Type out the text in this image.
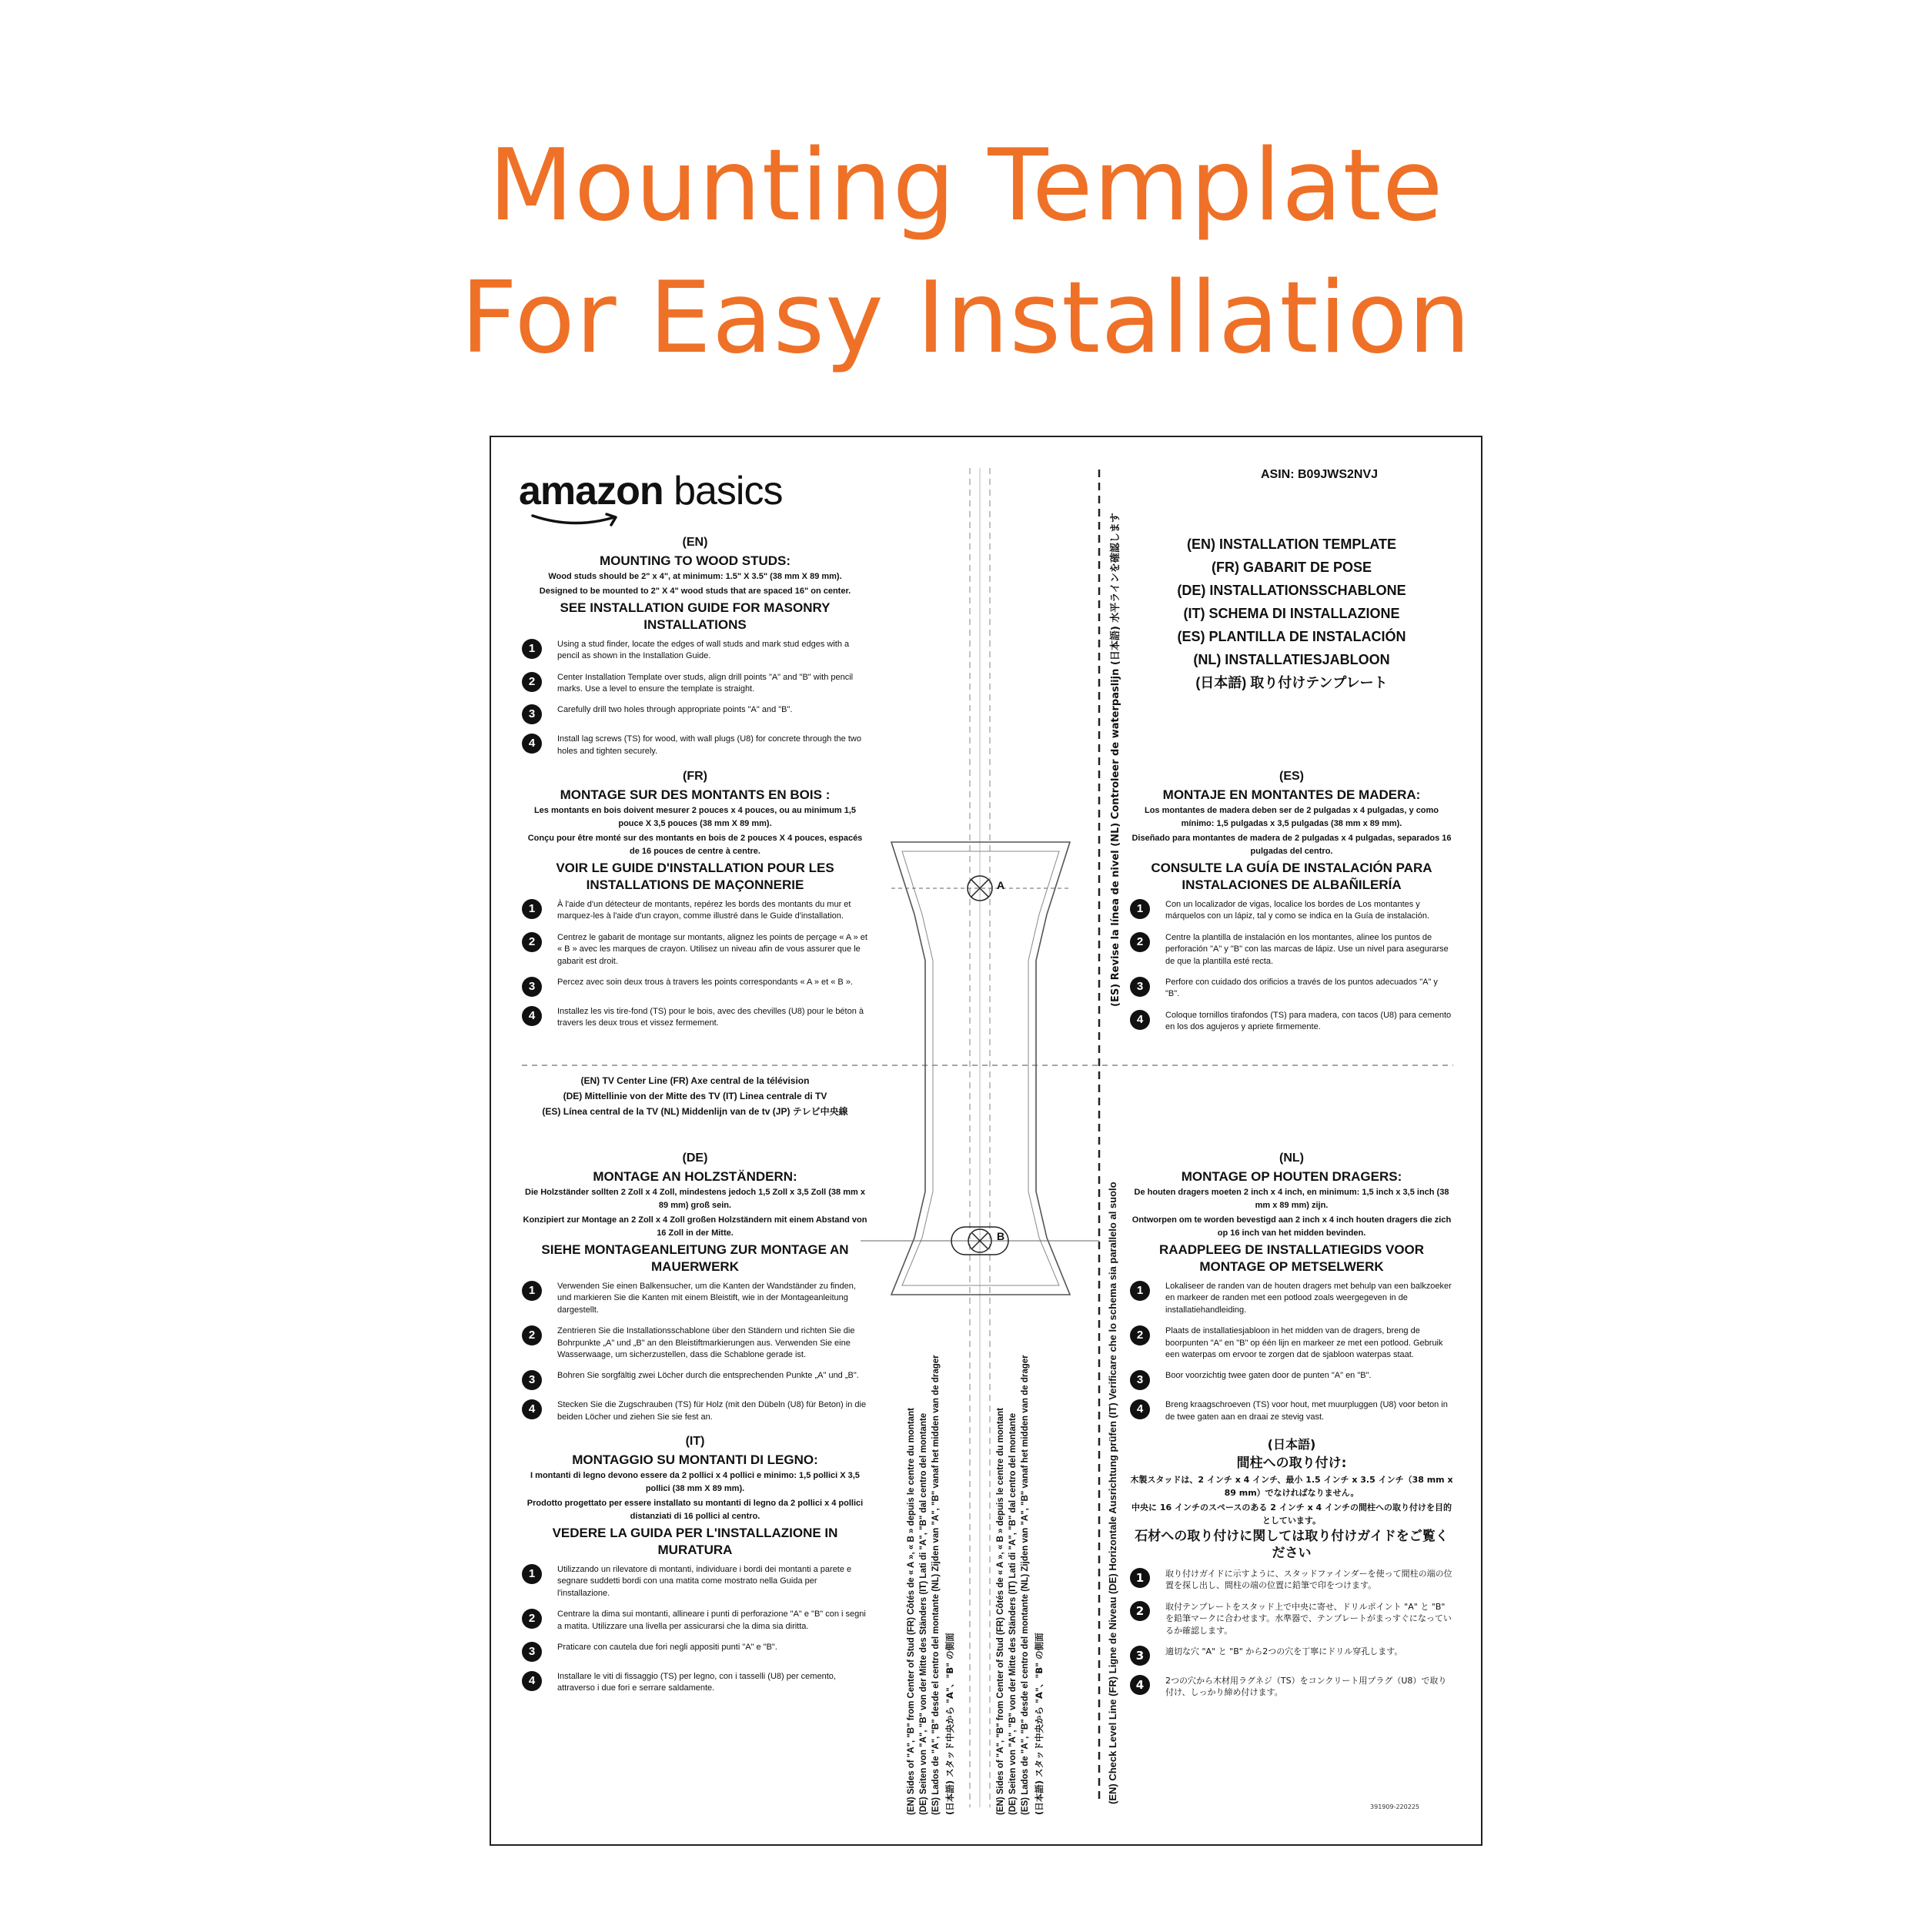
Mounting Template
For Easy Installation
A
B
amazon basics	ASIN: B09JWS2NVJ
(EN) INSTALLATION TEMPLATE
(FR) GABARIT DE POSE
(DE) INSTALLATIONSSCHABLONE
(IT) SCHEMA DI INSTALLAZIONE
(ES) PLANTILLA DE INSTALACIÓN
(NL) INSTALLATIESJABLOON
(日本語) 取り付けテンプレート
(EN)
MOUNTING TO WOOD STUDS:
Wood studs should be 2" x 4", at minimum: 1.5" X 3.5" (38 mm X 89 mm).
Designed to be mounted to 2" X 4" wood studs that are spaced 16" on center.
SEE INSTALLATION GUIDE FOR MASONRY INSTALLATIONS
1	Using a stud finder, locate the edges of wall studs and mark stud edges with a pencil as shown in the Installation Guide.
2	Center Installation Template over studs, align drill points "A" and "B" with pencil marks. Use a level to ensure the template is straight.
3	Carefully drill two holes through appropriate points "A" and "B".
4	Install lag screws (TS) for wood, with wall plugs (U8) for concrete through the two holes and tighten securely.
(FR)
MONTAGE SUR DES MONTANTS EN BOIS :
Les montants en bois doivent mesurer 2 pouces x 4 pouces, ou au minimum 1,5 pouce X 3,5 pouces (38 mm X 89 mm).
Conçu pour être monté sur des montants en bois de 2 pouces X 4 pouces, espacés de 16 pouces de centre à centre.
VOIR LE GUIDE D'INSTALLATION POUR LES INSTALLATIONS DE MAÇONNERIE
1	À l'aide d'un détecteur de montants, repérez les bords des montants du mur et marquez-les à l'aide d'un crayon, comme illustré dans le Guide d'installation.
2	Centrez le gabarit de montage sur montants, alignez les points de perçage « A » et « B » avec les marques de crayon. Utilisez un niveau afin de vous assurer que le gabarit est droit.
3	Percez avec soin deux trous à travers les points correspondants « A » et « B ».
4	Installez les vis tire-fond (TS) pour le bois, avec des chevilles (U8) pour le béton à travers les deux trous et vissez fermement.
(ES)
MONTAJE EN MONTANTES DE MADERA:
Los montantes de madera deben ser de 2 pulgadas x 4 pulgadas, y como mínimo: 1,5 pulgadas x 3,5 pulgadas (38 mm x 89 mm).
Diseñado para montantes de madera de 2 pulgadas x 4 pulgadas, separados 16 pulgadas del centro.
CONSULTE LA GUÍA DE INSTALACIÓN PARA INSTALACIONES DE ALBAÑILERÍA
1	Con un localizador de vigas, localice los bordes de Los montantes y márquelos con un lápiz, tal y como se indica en la Guía de instalación.
2	Centre la plantilla de instalación en los montantes, alinee los puntos de perforación "A" y "B" con las marcas de lápiz. Use un nivel para asegurarse de que la plantilla esté recta.
3	Perfore con cuidado dos orificios a través de los puntos adecuados "A" y "B".
4	Coloque tornillos tirafondos (TS) para madera, con tacos (U8) para cemento en los dos agujeros y apriete firmemente.
(EN) TV Center Line (FR) Axe central de la télévision
(DE) Mittellinie von der Mitte des TV (IT) Linea centrale di TV
(ES) Línea central de la TV (NL) Middenlijn van de tv (JP) テレビ中央線
(DE)
MONTAGE AN HOLZSTÄNDERN:
Die Holzständer sollten 2 Zoll x 4 Zoll, mindestens jedoch 1,5 Zoll x 3,5 Zoll (38 mm x 89 mm) groß sein.
Konzipiert zur Montage an 2 Zoll x 4 Zoll großen Holzständern mit einem Abstand von 16 Zoll in der Mitte.
SIEHE MONTAGEANLEITUNG ZUR MONTAGE AN MAUERWERK
1	Verwenden Sie einen Balkensucher, um die Kanten der Wandständer zu finden, und markieren Sie die Kanten mit einem Bleistift, wie in der Montageanleitung dargestellt.
2	Zentrieren Sie die Installationsschablone über den Ständern und richten Sie die Bohrpunkte „A" und „B" an den Bleistiftmarkierungen aus. Verwenden Sie eine Wasserwaage, um sicherzustellen, dass die Schablone gerade ist.
3	Bohren Sie sorgfältig zwei Löcher durch die entsprechenden Punkte „A" und „B".
4	Stecken Sie die Zugschrauben (TS) für Holz (mit den Dübeln (U8) für Beton) in die beiden Löcher und ziehen Sie sie fest an.
(IT)
MONTAGGIO SU MONTANTI DI LEGNO:
I montanti di legno devono essere da 2 pollici x 4 pollici e minimo: 1,5 pollici X 3,5 pollici (38 mm X 89 mm).
Prodotto progettato per essere installato su montanti di legno da 2 pollici x 4 pollici distanziati di 16 pollici al centro.
VEDERE LA GUIDA PER L'INSTALLAZIONE IN MURATURA
1	Utilizzando un rilevatore di montanti, individuare i bordi dei montanti a parete e segnare suddetti bordi con una matita come mostrato nella Guida per l'installazione.
2	Centrare la dima sui montanti, allineare i punti di perforazione "A" e "B" con i segni a matita. Utilizzare una livella per assicurarsi che la dima sia diritta.
3	Praticare con cautela due fori negli appositi punti "A" e "B".
4	Installare le viti di fissaggio (TS) per legno, con i tasselli (U8) per cemento, attraverso i due fori e serrare saldamente.
(NL)
MONTAGE OP HOUTEN DRAGERS:
De houten dragers moeten 2 inch x 4 inch, en minimum: 1,5 inch x 3,5 inch (38 mm x 89 mm) zijn.
Ontworpen om te worden bevestigd aan 2 inch x 4 inch houten dragers die zich op 16 inch van het midden bevinden.
RAADPLEEG DE INSTALLATIEGIDS VOOR MONTAGE OP METSELWERK
1	Lokaliseer de randen van de houten dragers met behulp van een balkzoeker en markeer de randen met een potlood zoals weergegeven in de installatiehandleiding.
2	Plaats de installatiesjabloon in het midden van de dragers, breng de boorpunten "A" en "B" op één lijn en markeer ze met een potlood. Gebruik een waterpas om ervoor te zorgen dat de sjabloon waterpas staat.
3	Boor voorzichtig twee gaten door de punten "A" en "B".
4	Breng kraagschroeven (TS) voor hout, met muurpluggen (U8) voor beton in de twee gaten aan en draai ze stevig vast.
(日本語)
間柱への取り付け:
木製スタッドは、2 インチ x 4 インチ、最小 1.5 インチ x 3.5 インチ（38 mm x 89 mm）でなければなりません。
中央に 16 インチのスペースのある 2 インチ x 4 インチの間柱への取り付けを目的としています。
石材への取り付けに関しては取り付けガイドをご覧ください
1	取り付けガイドに示すように、スタッドファインダーを使って間柱の端の位置を探し出し、間柱の端の位置に鉛筆で印をつけます。
2	取付テンプレートをスタッド上で中央に寄せ、ドリルポイント "A" と "B" を鉛筆マークに合わせます。水準器で、テンプレートがまっすぐになっているか確認します。
3	適切な穴 "A" と "B" から2つの穴を丁寧にドリル穿孔します。
4	2つの穴から木材用ラグネジ（TS）をコンクリート用プラグ（U8）で取り付け、しっかり締め付けます。
(EN) Sides of "A", "B" from Center of Stud (FR) Côtés de « A », « B » depuis le centre du montant (DE) Seiten von "A", "B" von der Mitte des Ständers (IT) Lati di "A", "B" dal centro del montante (ES) Lados de "A", "B" desde el centro del montante (NL) Zijden van "A", "B" vanaf het midden van de drager (日本語) スタッド中央から "A"、"B" の側面	(EN) Sides of "A", "B" from Center of Stud (FR) Côtés de « A », « B » depuis le centre du montant (DE) Seiten von "A", "B" von der Mitte des Ständers (IT) Lati di "A", "B" dal centro del montante (ES) Lados de "A", "B" desde el centro del montante (NL) Zijden van "A", "B" vanaf het midden van de drager (日本語) スタッド中央から "A"、"B" の側面	(EN) Check Level Line (FR) Ligne de Niveau (DE) Horizontale Ausrichtung prüfen (IT) Verificare che lo schema sia parallelo al suolo
(ES) Revise la línea de nivel (NL) Controleer de waterpaslijn (日本語) 水平ラインを確認します
391909-220225
